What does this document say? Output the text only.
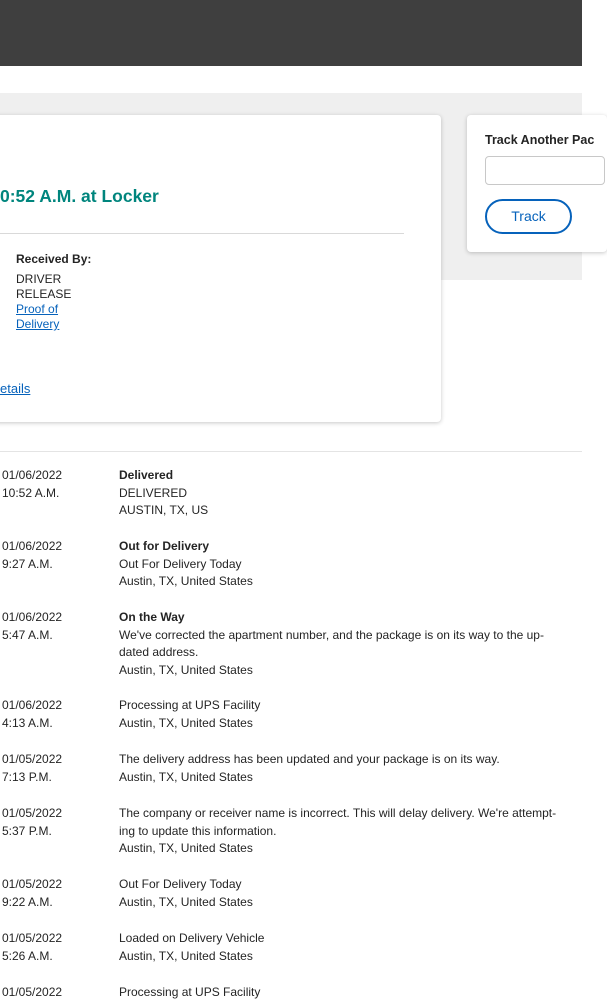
0:52 A.M. at Locker
Received By:
DRIVER
RELEASE
Proof of
Delivery
etails
Track Another Pac
Track
01/06/2022
10:52 A.M.
Delivered
DELIVERED
AUSTIN, TX, US
01/06/2022
9:27 A.M.
Out for Delivery
Out For Delivery Today
Austin, TX, United States
01/06/2022
5:47 A.M.
On the Way
We've corrected the apartment number, and the package is on its way to the up-
dated address.
Austin, TX, United States
01/06/2022
4:13 A.M.
Processing at UPS Facility
Austin, TX, United States
01/05/2022
7:13 P.M.
The delivery address has been updated and your package is on its way.
Austin, TX, United States
01/05/2022
5:37 P.M.
The company or receiver name is incorrect. This will delay delivery. We're attempt-
ing to update this information.
Austin, TX, United States
01/05/2022
9:22 A.M.
Out For Delivery Today
Austin, TX, United States
01/05/2022
5:26 A.M.
Loaded on Delivery Vehicle
Austin, TX, United States
01/05/2022	Processing at UPS Facility
